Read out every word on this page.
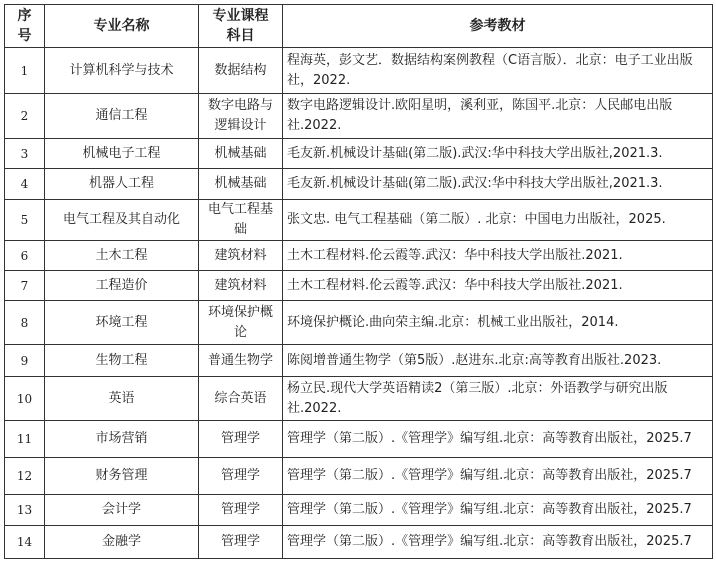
序号	专业名称	专业课程科目	参考教材
1	计算机科学与技术	数据结构	程海英，彭文艺．数据结构案例教程（C语言版）．北京：电子工业出版社，2022.
2	通信工程	数字电路与逻辑设计	数字电路逻辑设计.欧阳星明，溪利亚，陈国平.北京：人民邮电出版社.2022.
3	机械电子工程	机械基础	毛友新.机械设计基础(第二版).武汉:华中科技大学出版社,2021.3.
4	机器人工程	机械基础	毛友新.机械设计基础(第二版).武汉:华中科技大学出版社,2021.3.
5	电气工程及其自动化	电气工程基础	张文忠. 电气工程基础（第二版）. 北京：中国电力出版社，2025.
6	土木工程	建筑材料	土木工程材料.伦云霞等.武汉：华中科技大学出版社.2021.
7	工程造价	建筑材料	土木工程材料.伦云霞等.武汉：华中科技大学出版社.2021.
8	环境工程	环境保护概论	环境保护概论.曲向荣主编.北京：机械工业出版社，2014.
9	生物工程	普通生物学	陈阅增普通生物学（第5版）.赵进东.北京:高等教育出版社.2023.
10	英语	综合英语	杨立民.现代大学英语精读2（第三版）.北京：外语教学与研究出版社.2022.
11	市场营销	管理学	管理学（第二版）.《管理学》编写组.北京：高等教育出版社，2025.7
12	财务管理	管理学	管理学（第二版）.《管理学》编写组.北京：高等教育出版社，2025.7
13	会计学	管理学	管理学（第二版）.《管理学》编写组.北京：高等教育出版社，2025.7
14	金融学	管理学	管理学（第二版）.《管理学》编写组.北京：高等教育出版社，2025.7
